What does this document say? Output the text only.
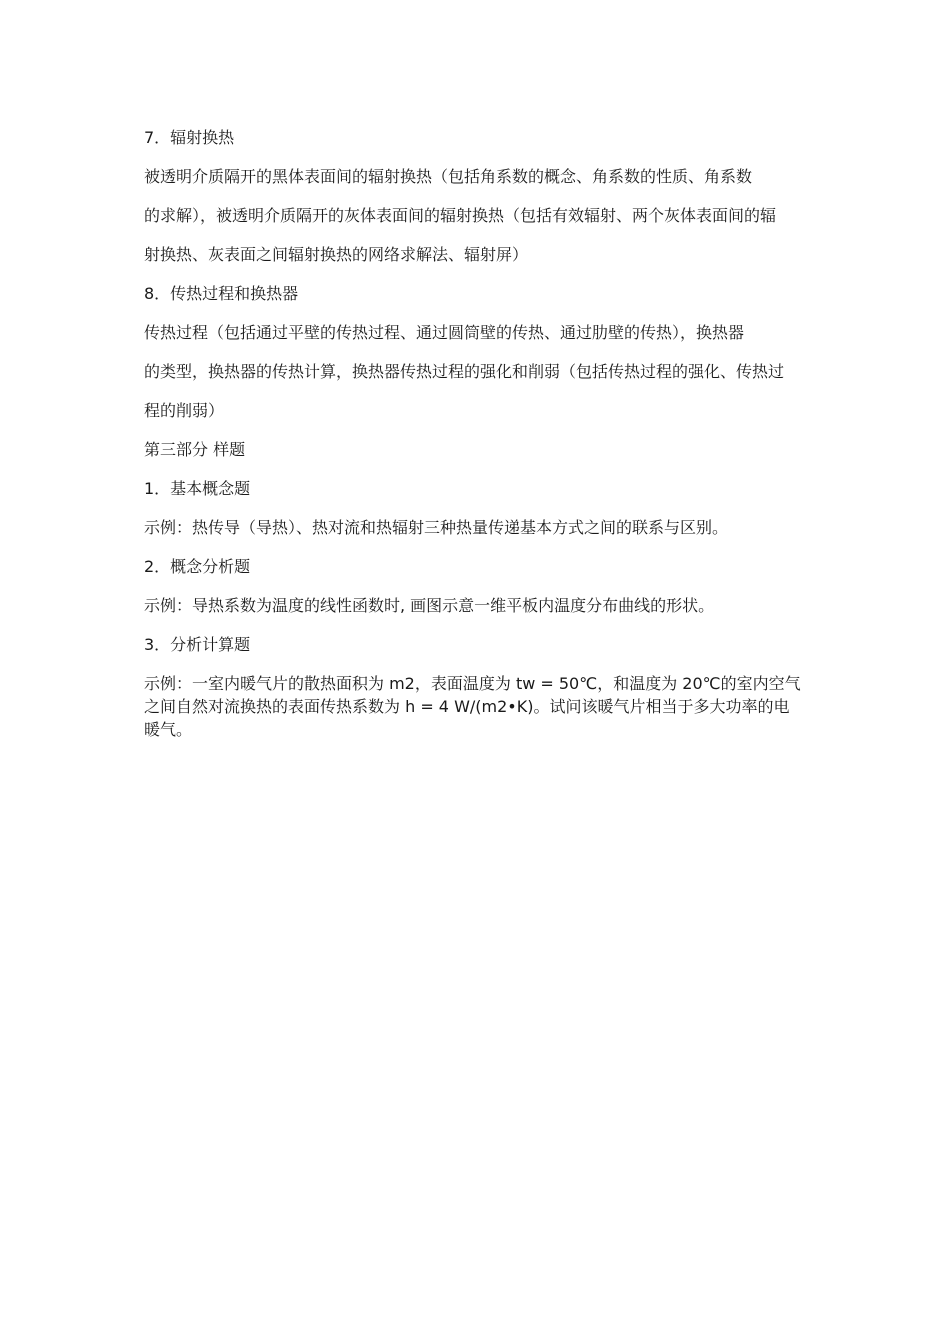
7．辐射换热

被透明介质隔开的黑体表面间的辐射换热（包括角系数的概念、角系数的性质、角系数

的求解），被透明介质隔开的灰体表面间的辐射换热（包括有效辐射、两个灰体表面间的辐

射换热、灰表面之间辐射换热的网络求解法、辐射屏）

8．传热过程和换热器

传热过程（包括通过平壁的传热过程、通过圆筒壁的传热、通过肋壁的传热），换热器

的类型，换热器的传热计算，换热器传热过程的强化和削弱（包括传热过程的强化、传热过

程的削弱）

第三部分 样题

1．基本概念题

示例：热传导（导热）、热对流和热辐射三种热量传递基本方式之间的联系与区别。

2．概念分析题

示例：导热系数为温度的线性函数时, 画图示意一维平板内温度分布曲线的形状。

3．分析计算题

示例：一室内暖气片的散热面积为 m2，表面温度为 tw = 50℃，和温度为 20℃的室内空气之间自然对流换热的表面传热系数为 h = 4 W/(m2•K)。试问该暖气片相当于多大功率的电暖气。
